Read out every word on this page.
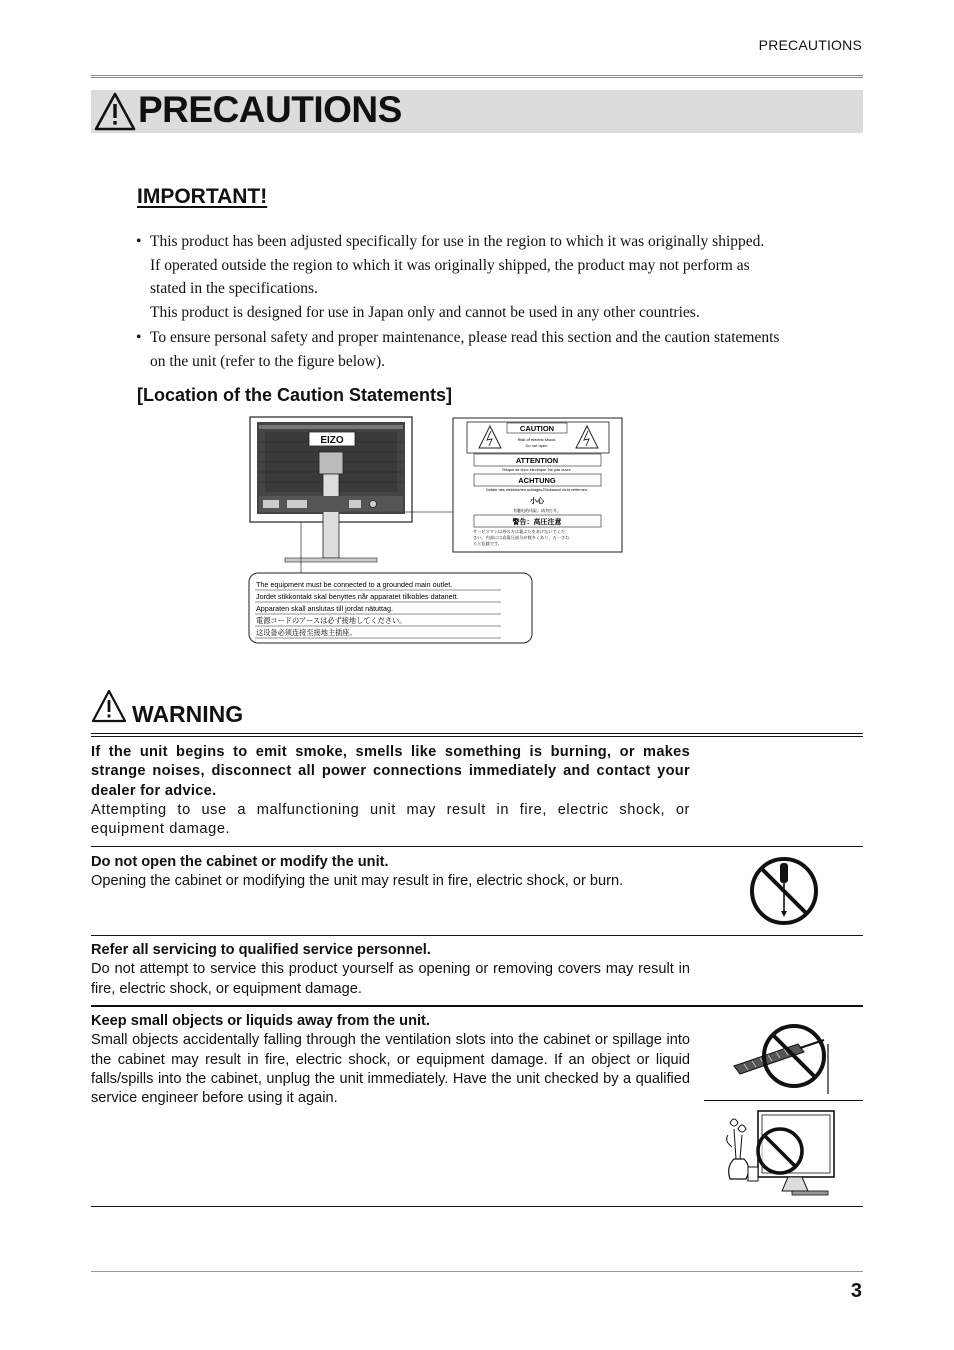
PRECAUTIONS
PRECAUTIONS
IMPORTANT!
• This product has been adjusted specifically for use in the region to which it was originally shipped.
If operated outside the region to which it was originally shipped, the product may not perform as
stated in the specifications.
This product is designed for use in Japan only and cannot be used in any other countries.
• To ensure personal safety and proper maintenance, please read this section and the caution statements
on the unit (refer to the figure below).
[Location of the Caution Statements]
EIZO
CAUTION
Risk of electric shock.
Do not open.
ATTENTION
Risque de choc électrique. Ne pas ouvrir.
ACHTUNG
Gefahr des elektrischen schlages.Rückwand nicht entfernen.
小心
有触电的风险。请勿打开。
警告：高圧注意
サービスマン以外の方は裏ぶたをあけないでくだ
さい。内部には高電圧部分が数多くあり、万一さわ
ると危険です。
The equipment must be connected to a grounded main outlet.
Jordet stikkontakt skal benyttes når apparatet tilkobles datanett.
Apparaten skall anslutas till jordat nätuttag.
電源コードのアースは必ず接地してください。
这设备必须连接至接地主插座。
WARNING
If the unit begins to emit smoke, smells like something is burning, or makes strange noises, disconnect all power connections immediately and contact your dealer for advice.
Attempting to use a malfunctioning unit may result in fire, electric shock, or equipment damage.
Do not open the cabinet or modify the unit.
Opening the cabinet or modifying the unit may result in fire, electric shock, or burn.
Refer all servicing to qualified service personnel.
Do not attempt to service this product yourself as opening or removing covers may result in fire, electric shock, or equipment damage.
Keep small objects or liquids away from the unit.
Small objects accidentally falling through the ventilation slots into the cabinet or spillage into the cabinet may result in fire, electric shock, or equipment damage. If an object or liquid falls/spills into the cabinet, unplug the unit immediately. Have the unit checked by a qualified service engineer before using it again.
3
